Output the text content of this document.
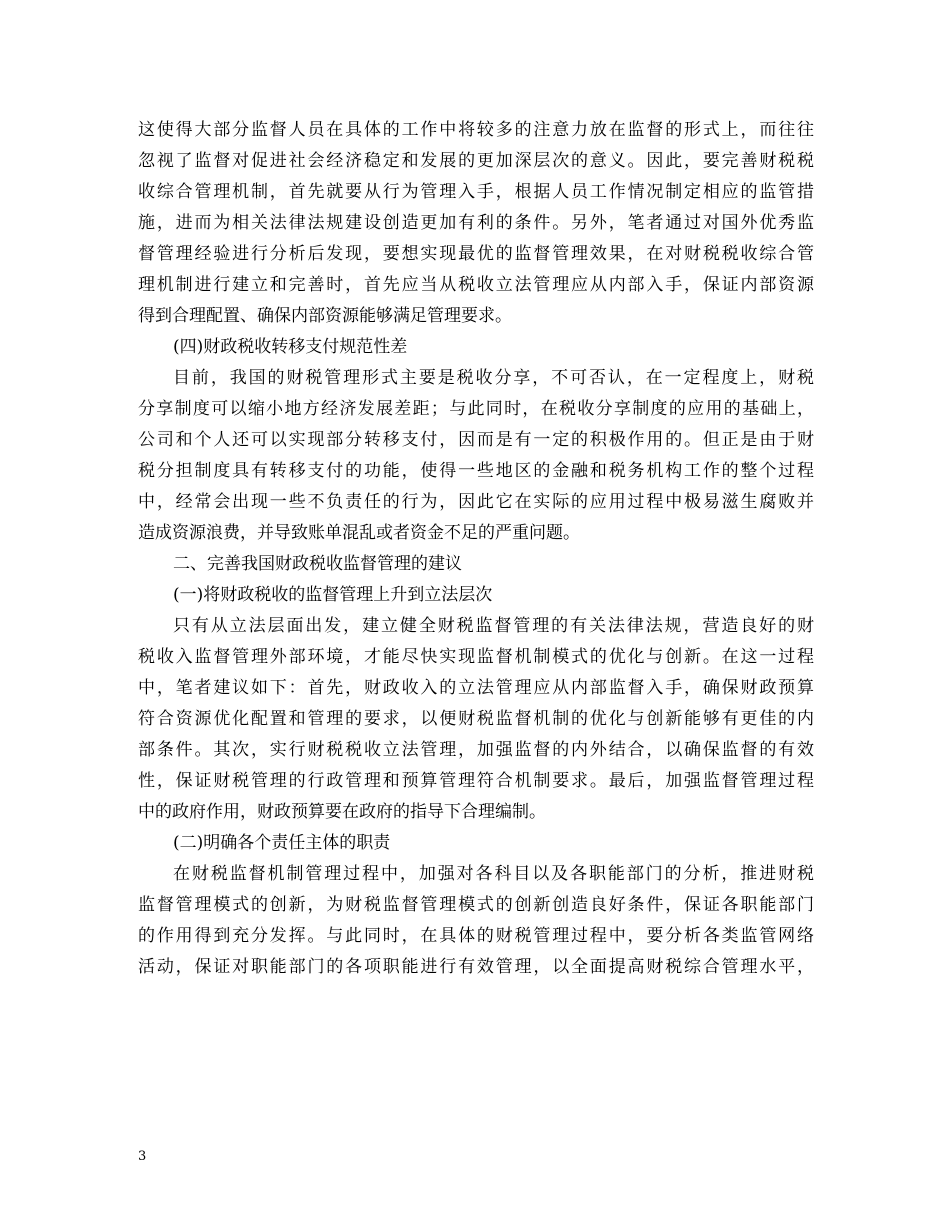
这使得大部分监督人员在具体的工作中将较多的注意力放在监督的形式上，而往往
忽视了监督对促进社会经济稳定和发展的更加深层次的意义。因此，要完善财税税
收综合管理机制，首先就要从行为管理入手，根据人员工作情况制定相应的监管措
施，进而为相关法律法规建设创造更加有利的条件。另外，笔者通过对国外优秀监
督管理经验进行分析后发现，要想实现最优的监督管理效果，在对财税税收综合管
理机制进行建立和完善时，首先应当从税收立法管理应从内部入手，保证内部资源
得到合理配置、确保内部资源能够满足管理要求。
(四)财政税收转移支付规范性差
目前，我国的财税管理形式主要是税收分享，不可否认，在一定程度上，财税
分享制度可以缩小地方经济发展差距；与此同时，在税收分享制度的应用的基础上，
公司和个人还可以实现部分转移支付，因而是有一定的积极作用的。但正是由于财
税分担制度具有转移支付的功能，使得一些地区的金融和税务机构工作的整个过程
中，经常会出现一些不负责任的行为，因此它在实际的应用过程中极易滋生腐败并
造成资源浪费，并导致账单混乱或者资金不足的严重问题。
二、完善我国财政税收监督管理的建议
(一)将财政税收的监督管理上升到立法层次
只有从立法层面出发，建立健全财税监督管理的有关法律法规，营造良好的财
税收入监督管理外部环境，才能尽快实现监督机制模式的优化与创新。在这一过程
中，笔者建议如下：首先，财政收入的立法管理应从内部监督入手，确保财政预算
符合资源优化配置和管理的要求，以便财税监督机制的优化与创新能够有更佳的内
部条件。其次，实行财税税收立法管理，加强监督的内外结合，以确保监督的有效
性，保证财税管理的行政管理和预算管理符合机制要求。最后，加强监督管理过程
中的政府作用，财政预算要在政府的指导下合理编制。
(二)明确各个责任主体的职责
在财税监督机制管理过程中，加强对各科目以及各职能部门的分析，推进财税
监督管理模式的创新，为财税监督管理模式的创新创造良好条件，保证各职能部门
的作用得到充分发挥。与此同时，在具体的财税管理过程中，要分析各类监管网络
活动，保证对职能部门的各项职能进行有效管理，以全面提高财税综合管理水平，
3
